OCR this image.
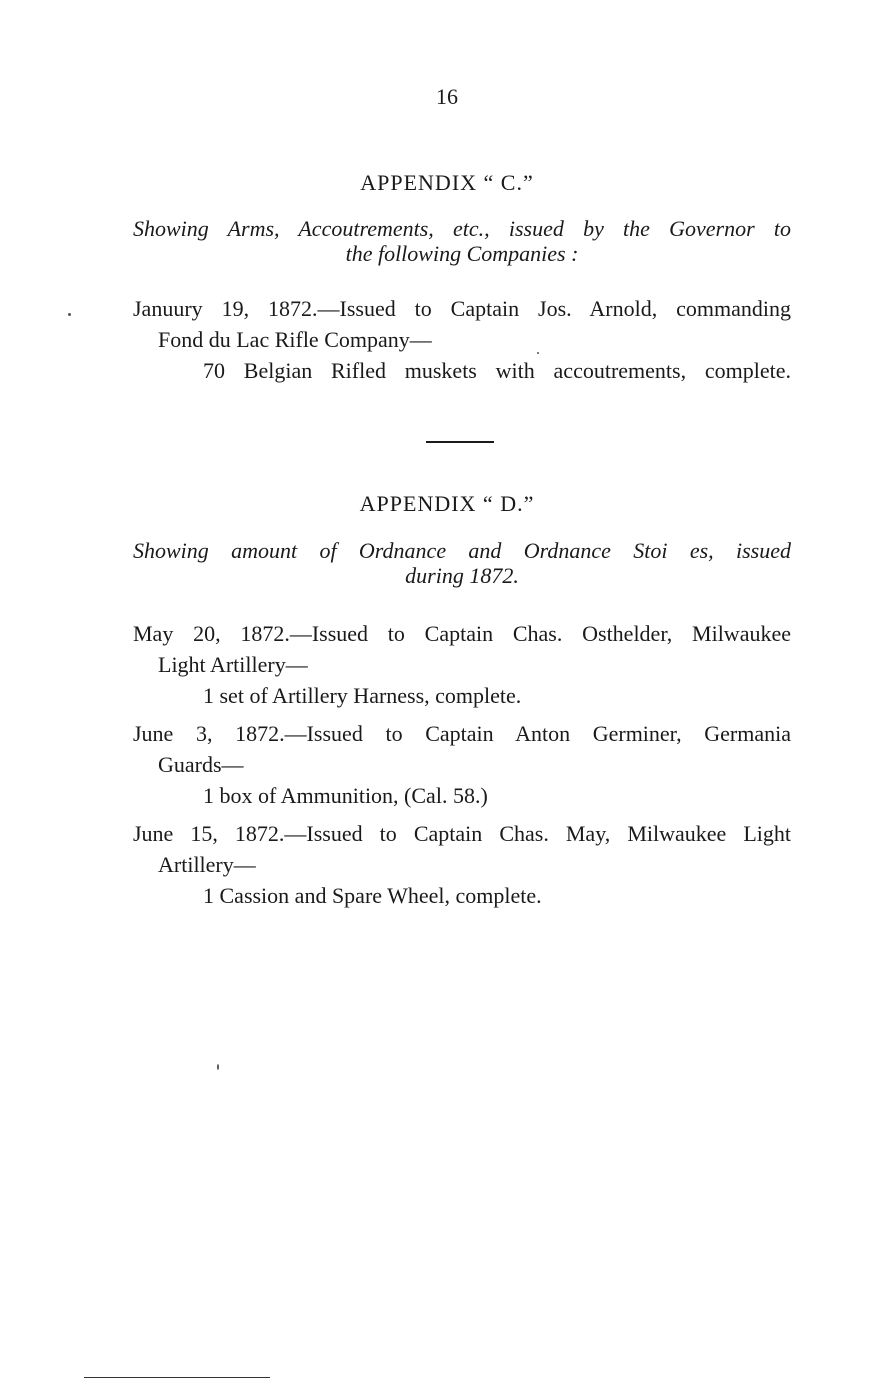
16
APPENDIX “ C.”
Showing Arms, Accoutrements, etc., issued by the Governor to
the following Companies :
Januury 19, 1872.—Issued to Captain Jos. Arnold, commanding
Fond du Lac Rifle Company—
70 Belgian Rifled muskets with accoutrements, complete.
APPENDIX “ D.”
Showing amount of Ordnance and Ordnance Stoi es, issued
during 1872.
May 20, 1872.—Issued to Captain Chas. Osthelder, Milwaukee
Light Artillery—
1 set of Artillery Harness, complete.
June 3, 1872.—Issued to Captain Anton Germiner, Germania
Guards—
1 box of Ammunition, (Cal. 58.)
June 15, 1872.—Issued to Captain Chas. May, Milwaukee Light
Artillery—
1 Cassion and Spare Wheel, complete.
